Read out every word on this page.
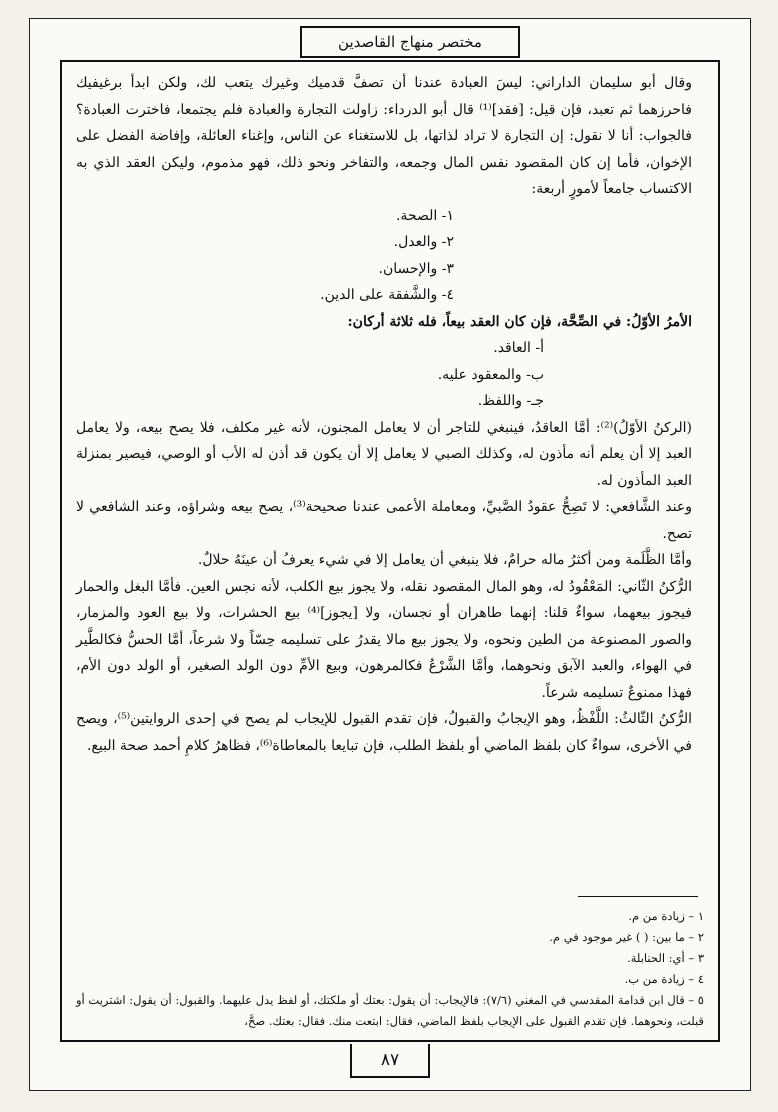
مختصر منهاج القاصدين

وقال أبو سليمان الداراني: ليسَ العبادة عندنا أن تصفَّ قدميك وغيرك يتعب لك، ولكن ابدأ برغيفيك فاحرزهما ثم تعبد، فإن قيل: [فقد]⁽¹⁾ قال أبو الدرداء: زاولت التجارة والعبادة فلم يجتمعا، فاخترت العبادة؟ فالجواب: أنا لا نقول: إن التجارة لا تراد لذاتها، بل للاستغناء عن الناس، وإغناء العائلة، وإفاضة الفضل على الإخوان، فأما إن كان المقصود نفس المال وجمعه، والتفاخر ونحو ذلك، فهو مذموم، وليكن العقد الذي به الاكتساب جامعاً لأمورٍ أربعة:

١- الصحة.

٢- والعدل.

٣- والإحسان.

٤- والشَّفقة على الدين.

الأمرُ الأوّلُ: في الصِّحَّة، فإن كان العقد بيعاً، فله ثلاثة أركان:

أ- العاقد.

ب- والمعقود عليه.

جـ- واللفظ.

(الركنُ الأوّلُ)⁽²⁾: أمَّا العاقدُ، فينبغي للتاجر أن لا يعامل المجنون، لأنه غير مكلف، فلا يصح بيعه، ولا يعامل العبد إلا أن يعلم أنه مأذون له، وكذلك الصبي لا يعامل إلا أن يكون قد أذن له الأب أو الوصي، فيصير بمنزلة العبد المأذون له.

وعند الشَّافعي: لا تَصِحُّ عقودُ الصَّبيِّ، ومعاملة الأعمى عندنا صحيحة⁽³⁾، يصح بيعه وشراؤه، وعند الشافعي لا تصح.

وأمَّا الظَّلَمة ومن أكثرُ ماله حرامٌ، فلا ينبغي أن يعامل إلا في شيء يعرفُ أن عينَهُ حلالٌ.

الرُّكنُ الثّاني: المَعْقُودُ له، وهو المال المقصود نقله، ولا يجوز بيع الكلب، لأنه نجس العين. فأمَّا البغل والحمار فيجوز بيعهما، سواءٌ قلنا: إنهما طاهران أو نجسان، ولا [يجوز]⁽⁴⁾ بيع الحشرات، ولا بيع العود والمزمار، والصور المصنوعة من الطين ونحوه، ولا يجوز بيع مالا يقدرُ على تسليمه حِسّاً ولا شرعاً، أمَّا الحسُّ فكالطَّير في الهواء، والعبد الآبق ونحوهما، وأمَّا الشَّرْعُ فكالمرهون، وبيع الأمِّ دون الولد الصغير، أو الولد دون الأم، فهذا ممنوعٌ تسليمه شرعاً.

الرُّكنُ الثّالثُ: اللَّفْظُ، وهو الإيجابُ والقبولُ، فإن تقدم القبول للإيجاب لم يصح في إحدى الروايتين⁽⁵⁾، ويصح في الأخرى، سواءٌ كان بلفظ الماضي أو بلفظ الطلب، فإن تبايعا بالمعاطاة⁽⁶⁾، فظاهرُ كلامِ أحمد صحة البيع.

١ – زيادة من م.

٢ – ما بين: ( ) غير موجود في م.

٣ – أي: الحنابلة.

٤ – زيادة من ب.

٥ – قال ابن قدامة المقدسي في المغني (٧/٦): فالإيجاب: أن يقول: بعتك أو ملكتك، أو لفظ يدل عليهما. والقبول: أن يقول: اشتريت أو قبلت، ونحوهما. فإن تقدم القبول على الإيجاب بلفظ الماضي، فقال: ابتعت منك. فقال: بعتك. صحَّ،

٨٧
